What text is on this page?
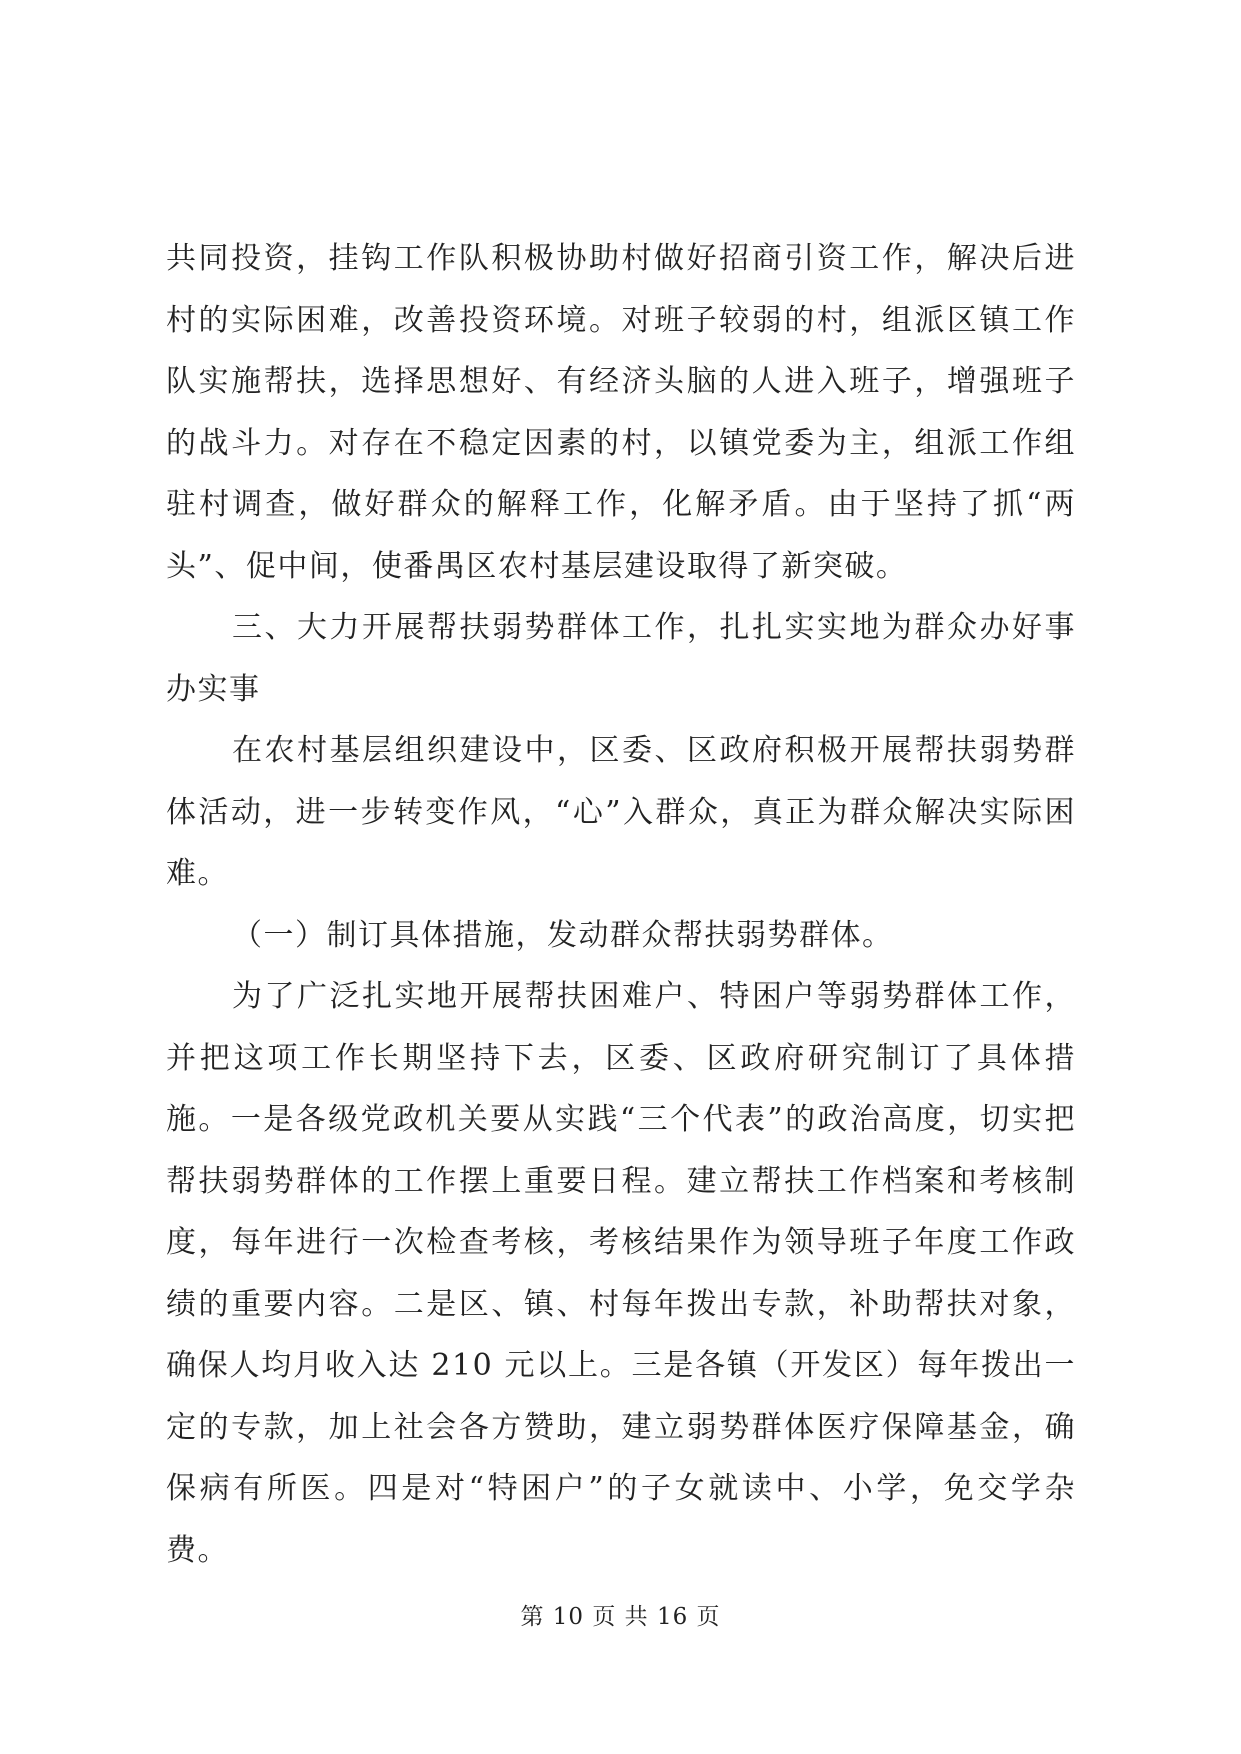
共同投资，挂钩工作队积极协助村做好招商引资工作，解决后进村的实际困难，改善投资环境。对班子较弱的村，组派区镇工作队实施帮扶，选择思想好、有经济头脑的人进入班子，增强班子的战斗力。对存在不稳定因素的村，以镇党委为主，组派工作组驻村调查，做好群众的解释工作，化解矛盾。由于坚持了抓“两头”、促中间，使番禺区农村基层建设取得了新突破。

三、大力开展帮扶弱势群体工作，扎扎实实地为群众办好事办实事

在农村基层组织建设中，区委、区政府积极开展帮扶弱势群体活动，进一步转变作风，“心”入群众，真正为群众解决实际困难。

（一）制订具体措施，发动群众帮扶弱势群体。

为了广泛扎实地开展帮扶困难户、特困户等弱势群体工作，并把这项工作长期坚持下去，区委、区政府研究制订了具体措施。一是各级党政机关要从实践“三个代表”的政治高度，切实把帮扶弱势群体的工作摆上重要日程。建立帮扶工作档案和考核制度，每年进行一次检查考核，考核结果作为领导班子年度工作政绩的重要内容。二是区、镇、村每年拨出专款，补助帮扶对象，确保人均月收入达 210 元以上。三是各镇（开发区）每年拨出一定的专款，加上社会各方赞助，建立弱势群体医疗保障基金，确保病有所医。四是对“特困户”的子女就读中、小学，免交学杂费。

第 10 页 共 16 页
